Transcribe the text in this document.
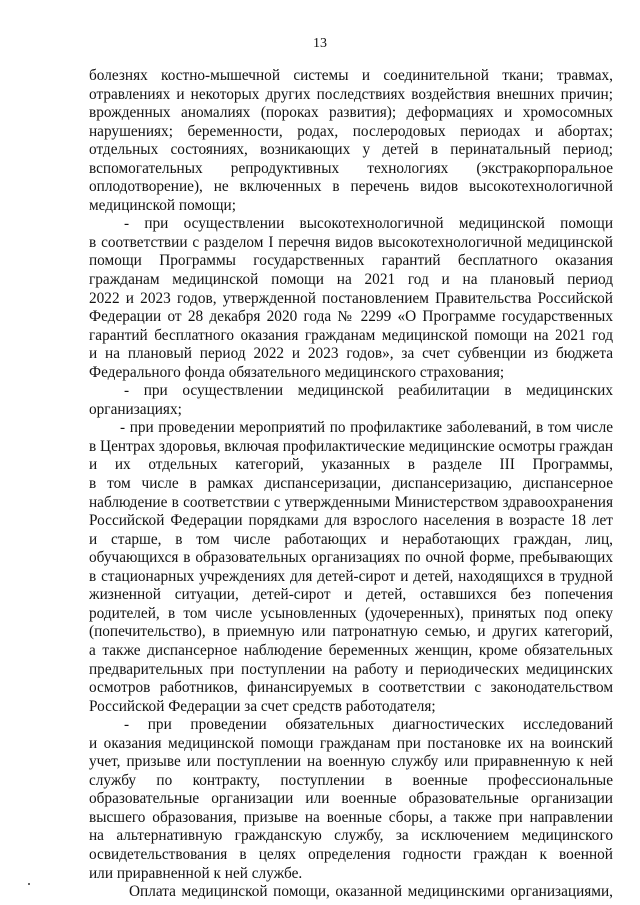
13
болезнях костно-мышечной системы и соединительной ткани; травмах,
отравлениях и некоторых других последствиях воздействия внешних причин;
врожденных аномалиях (пороках развития); деформациях и хромосомных
нарушениях; беременности, родах, послеродовых периодах и абортах;
отдельных состояниях, возникающих у детей в перинатальный период;
вспомогательных репродуктивных технологиях (экстракорпоральное
оплодотворение), не включенных в перечень видов высокотехнологичной
медицинской помощи;
- при осуществлении высокотехнологичной медицинской помощи
в соответствии с разделом I перечня видов высокотехнологичной медицинской
помощи Программы государственных гарантий бесплатного оказания
гражданам медицинской помощи на 2021 год и на плановый период
2022 и 2023 годов, утвержденной постановлением Правительства Российской
Федерации от 28 декабря 2020 года № 2299 «О Программе государственных
гарантий бесплатного оказания гражданам медицинской помощи на 2021 год
и на плановый период 2022 и 2023 годов», за счет субвенции из бюджета
Федерального фонда обязательного медицинского страхования;
- при осуществлении медицинской реабилитации в медицинских
организациях;
- при проведении мероприятий по профилактике заболеваний, в том числе
в Центрах здоровья, включая профилактические медицинские осмотры граждан
и их отдельных категорий, указанных в разделе III Программы,
в том числе в рамках диспансеризации, диспансеризацию, диспансерное
наблюдение в соответствии с утвержденными Министерством здравоохранения
Российской Федерации порядками для взрослого населения в возрасте 18 лет
и старше, в том числе работающих и неработающих граждан, лиц,
обучающихся в образовательных организациях по очной форме, пребывающих
в стационарных учреждениях для детей-сирот и детей, находящихся в трудной
жизненной ситуации, детей-сирот и детей, оставшихся без попечения
родителей, в том числе усыновленных (удочеренных), принятых под опеку
(попечительство), в приемную или патронатную семью, и других категорий,
а также диспансерное наблюдение беременных женщин, кроме обязательных
предварительных при поступлении на работу и периодических медицинских
осмотров работников, финансируемых в соответствии с законодательством
Российской Федерации за счет средств работодателя;
- при проведении обязательных диагностических исследований
и оказания медицинской помощи гражданам при постановке их на воинский
учет, призыве или поступлении на военную службу или приравненную к ней
службу по контракту, поступлении в военные профессиональные
образовательные организации или военные образовательные организации
высшего образования, призыве на военные сборы, а также при направлении
на альтернативную гражданскую службу, за исключением медицинского
освидетельствования в целях определения годности граждан к военной
или приравненной к ней службе.
Оплата медицинской помощи, оказанной медицинскими организациями,
